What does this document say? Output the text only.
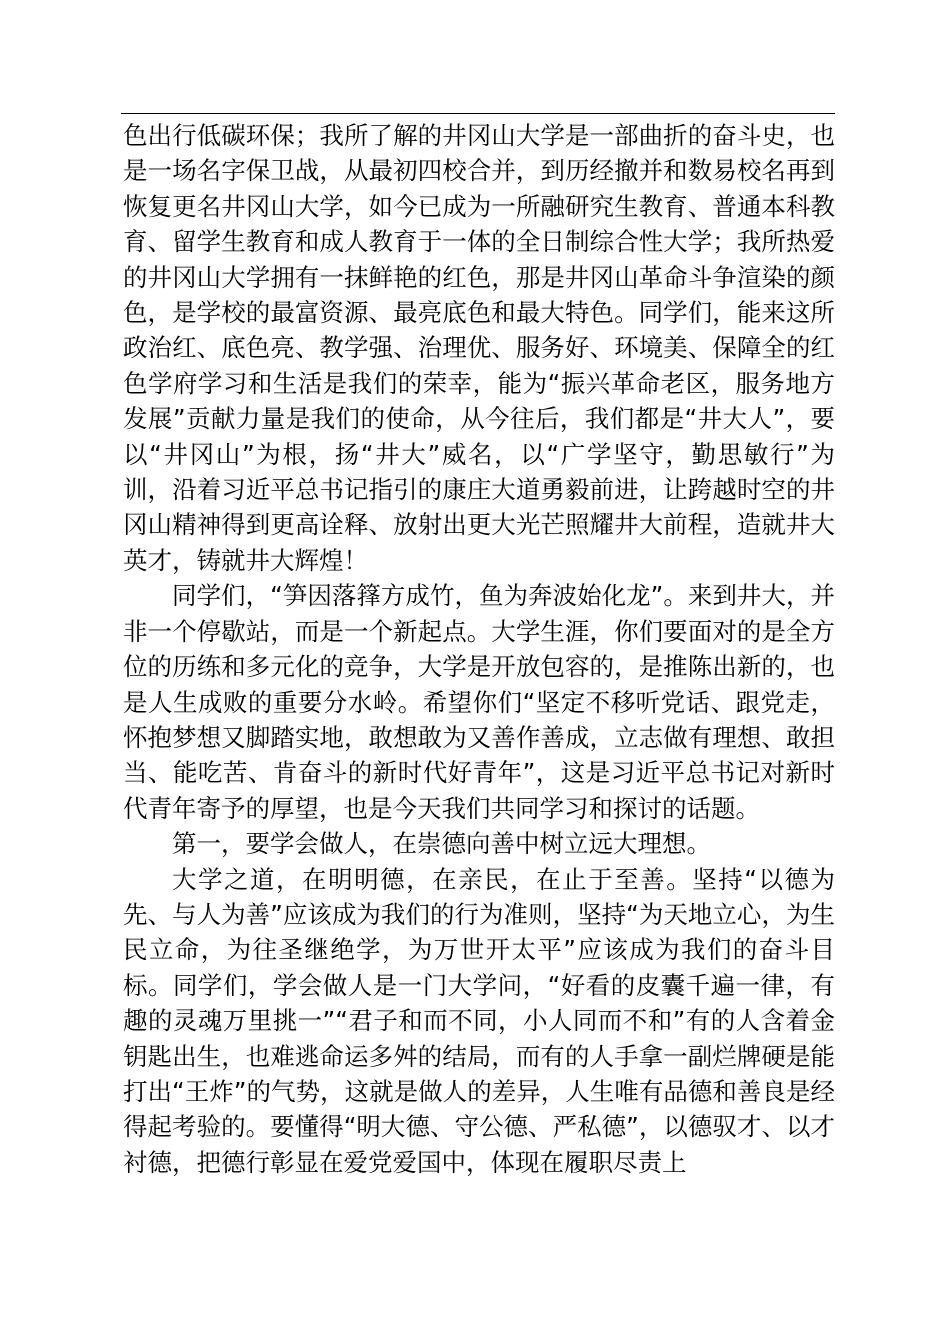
色出行低碳环保；我所了解的井冈山大学是一部曲折的奋斗史，也是一场名字保卫战，从最初四校合并，到历经撤并和数易校名再到恢复更名井冈山大学，如今已成为一所融研究生教育、普通本科教育、留学生教育和成人教育于一体的全日制综合性大学；我所热爱的井冈山大学拥有一抹鲜艳的红色，那是井冈山革命斗争渲染的颜色，是学校的最富资源、最亮底色和最大特色。同学们，能来这所政治红、底色亮、教学强、治理优、服务好、环境美、保障全的红色学府学习和生活是我们的荣幸，能为“振兴革命老区，服务地方发展”贡献力量是我们的使命，从今往后，我们都是“井大人”，要以“井冈山”为根，扬“井大”威名，以“广学坚守，勤思敏行”为训，沿着习近平总书记指引的康庄大道勇毅前进，让跨越时空的井冈山精神得到更高诠释、放射出更大光芒照耀井大前程，造就井大英才，铸就井大辉煌！

同学们，“笋因落箨方成竹，鱼为奔波始化龙”。来到井大，并非一个停歇站，而是一个新起点。大学生涯，你们要面对的是全方位的历练和多元化的竞争，大学是开放包容的，是推陈出新的，也是人生成败的重要分水岭。希望你们“坚定不移听党话、跟党走，怀抱梦想又脚踏实地，敢想敢为又善作善成，立志做有理想、敢担当、能吃苦、肯奋斗的新时代好青年”，这是习近平总书记对新时代青年寄予的厚望，也是今天我们共同学习和探讨的话题。

第一，要学会做人，在崇德向善中树立远大理想。

大学之道，在明明德，在亲民，在止于至善。坚持“以德为先、与人为善”应该成为我们的行为准则，坚持“为天地立心，为生民立命，为往圣继绝学，为万世开太平”应该成为我们的奋斗目标。同学们，学会做人是一门大学问，“好看的皮囊千遍一律，有趣的灵魂万里挑一”“君子和而不同，小人同而不和”有的人含着金钥匙出生，也难逃命运多舛的结局，而有的人手拿一副烂牌硬是能打出“王炸”的气势，这就是做人的差异，人生唯有品德和善良是经得起考验的。要懂得“明大德、守公德、严私德”，以德驭才、以才衬德，把德行彰显在爱党爱国中，体现在履职尽责上
